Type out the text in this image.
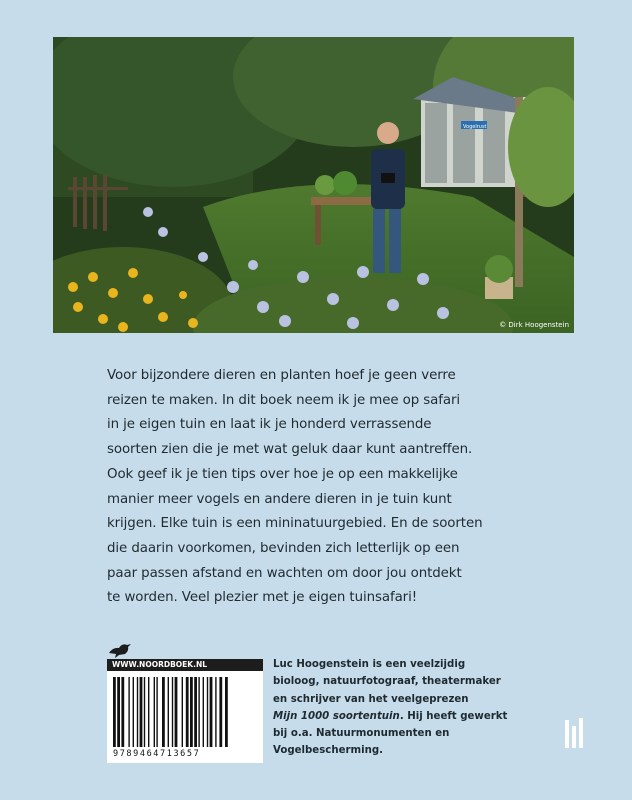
Vogelrust
© Dirk Hoogenstein

Voor bijzondere dieren en planten hoef je geen verre
reizen te maken. In dit boek neem ik je mee op safari
in je eigen tuin en laat ik je honderd verrassende
soorten zien die je met wat geluk daar kunt aantreffen.
Ook geef ik je tien tips over hoe je op een makkelijke
manier meer vogels en andere dieren in je tuin kunt
krijgen. Elke tuin is een mininatuurgebied. En de soorten
die daarin voorkomen, bevinden zich letterlijk op een
paar passen afstand en wachten om door jou ontdekt
te worden. Veel plezier met je eigen tuinsafari!

WWW.NOORDBOEK.NL
9789464713657

Luc Hoogenstein is een veelzijdig
bioloog, natuurfotograaf, theatermaker
en schrijver van het veelgeprezen
Mijn 1000 soortentuin. Hij heeft gewerkt
bij o.a. Natuurmonumenten en
Vogelbescherming.
